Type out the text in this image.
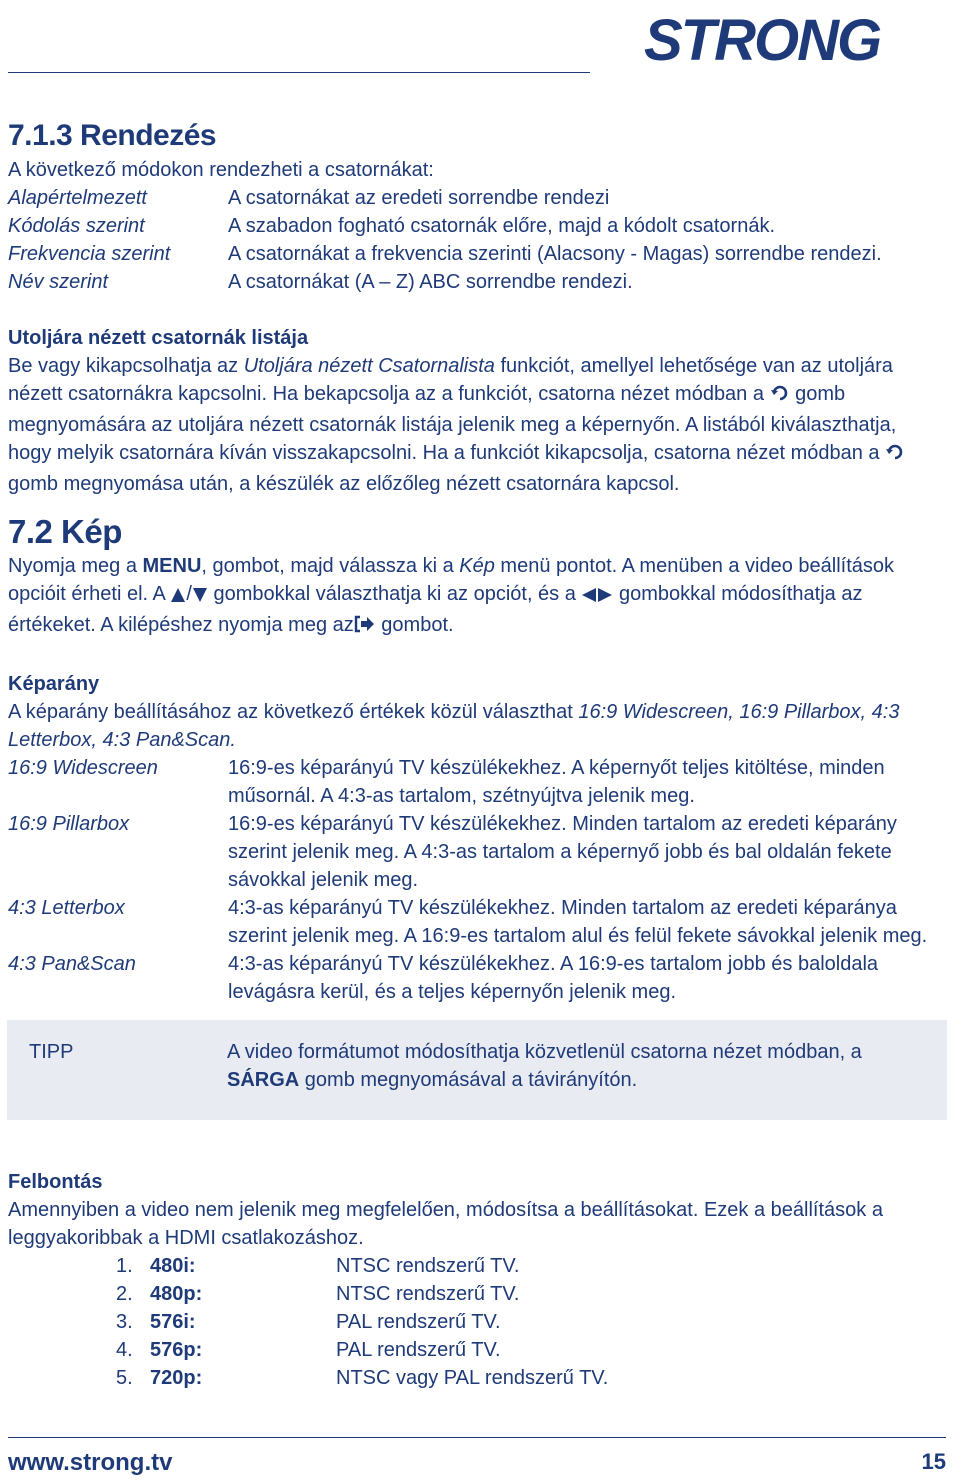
STRONG
7.1.3 Rendezés

A következő módokon rendezheti a csatornákat:

Alapértelmezett	A csatornákat az eredeti sorrendbe rendezi
Kódolás szerint	A szabadon fogható csatornák előre, majd a kódolt csatornák.
Frekvencia szerint	A csatornákat a frekvencia szerinti (Alacsony - Magas) sorrendbe rendezi.
Név szerint	A csatornákat (A – Z) ABC sorrendbe rendezi.
Utoljára nézett csatornák listája

Be vagy kikapcsolhatja az Utoljára nézett Csatornalista funkciót, amellyel lehetősége van az utoljára nézett csatornákra kapcsolni. Ha bekapcsolja az a funkciót, csatorna nézet módban a  gomb megnyomására az utoljára nézett csatornák listája jelenik meg a képernyőn. A listából kiválaszthatja, hogy melyik csatornára kíván visszakapcsolni. Ha a funkciót kikapcsolja, csatorna nézet módban a  gomb megnyomása után, a készülék az előzőleg nézett csatornára kapcsol.

7.2 Kép

Nyomja meg a MENU, gombot, majd válassza ki a Kép menü pontot. A menüben a video beállítások opcióit érheti el. A / gombokkal választhatja ki az opciót, és a  gombokkal módosíthatja az értékeket. A kilépéshez nyomja meg az gombot.

Képarány

A képarány beállításához az következő értékek közül választhat 16:9 Widescreen, 16:9 Pillarbox, 4:3 Letterbox, 4:3 Pan&Scan.

16:9 Widescreen	16:9-es képarányú TV készülékekhez. A képernyőt teljes kitöltése, minden műsornál. A 4:3-as tartalom, szétnyújtva jelenik meg.
16:9 Pillarbox	16:9-es képarányú TV készülékekhez. Minden tartalom az eredeti képarány szerint jelenik meg. A 4:3-as tartalom a képernyő jobb és bal oldalán fekete sávokkal jelenik meg.
4:3 Letterbox	4:3-as képarányú TV készülékekhez. Minden tartalom az eredeti képaránya szerint jelenik meg. A 16:9-es tartalom alul és felül fekete sávokkal jelenik meg.
4:3 Pan&Scan	4:3-as képarányú TV készülékekhez. A 16:9-es tartalom jobb és baloldala levágásra kerül, és a teljes képernyőn jelenik meg.
TIPP	A video formátumot módosíthatja közvetlenül csatorna nézet módban, a SÁRGA gomb megnyomásával a távirányítón.
Felbontás

Amennyiben a video nem jelenik meg megfelelően, módosítsa a beállításokat. Ezek a beállítások a leggyakoribbak a HDMI csatlakozáshoz.

1. 480i:	NTSC rendszerű TV.
2. 480p:	NTSC rendszerű TV.
3. 576i:	PAL rendszerű TV.
4. 576p:	PAL rendszerű TV.
5. 720p:	NTSC vagy PAL rendszerű TV.
www.strong.tv	15
